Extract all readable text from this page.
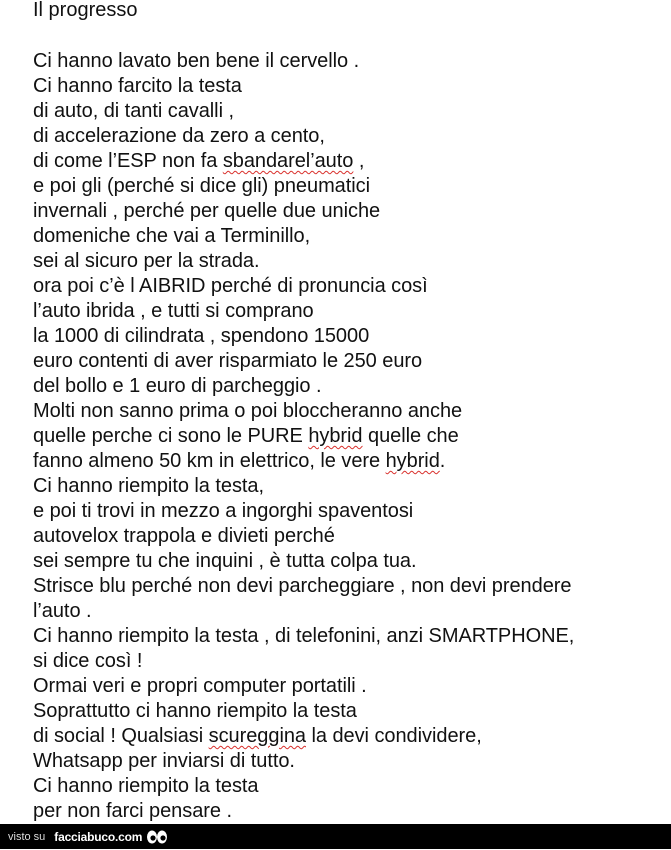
Il progresso
Ci hanno lavato ben bene il cervello .
Ci hanno farcito la testa
di auto, di tanti cavalli ,
di accelerazione da zero a cento,
di come l’ESP non fa sbandarel’auto ,
e poi gli (perché si dice gli) pneumatici
invernali , perché per quelle due uniche
domeniche che vai a Terminillo,
sei al sicuro per la strada.
ora poi c’è l AIBRID perché di pronuncia così
l’auto ibrida , e tutti si comprano
la 1000 di cilindrata , spendono 15000
euro contenti di aver risparmiato le 250 euro
del bollo e 1 euro di parcheggio .
Molti non sanno prima o poi bloccheranno anche
quelle perche ci sono le PURE hybrid quelle che
fanno almeno 50 km in elettrico, le vere hybrid.
Ci hanno riempito la testa,
e poi ti trovi in mezzo a ingorghi spaventosi
autovelox trappola e divieti perché
sei sempre tu che inquini , è tutta colpa tua.
Strisce blu perché non devi parcheggiare , non devi prendere
l’auto .
Ci hanno riempito la testa , di telefonini, anzi SMARTPHONE,
si dice così !
Ormai veri e propri computer portatili .
Soprattutto ci hanno riempito la testa
di social ! Qualsiasi scureggina la devi condividere,
Whatsapp per inviarsi di tutto.
Ci hanno riempito la testa
per non farci pensare .
visto su facciabuco.com
